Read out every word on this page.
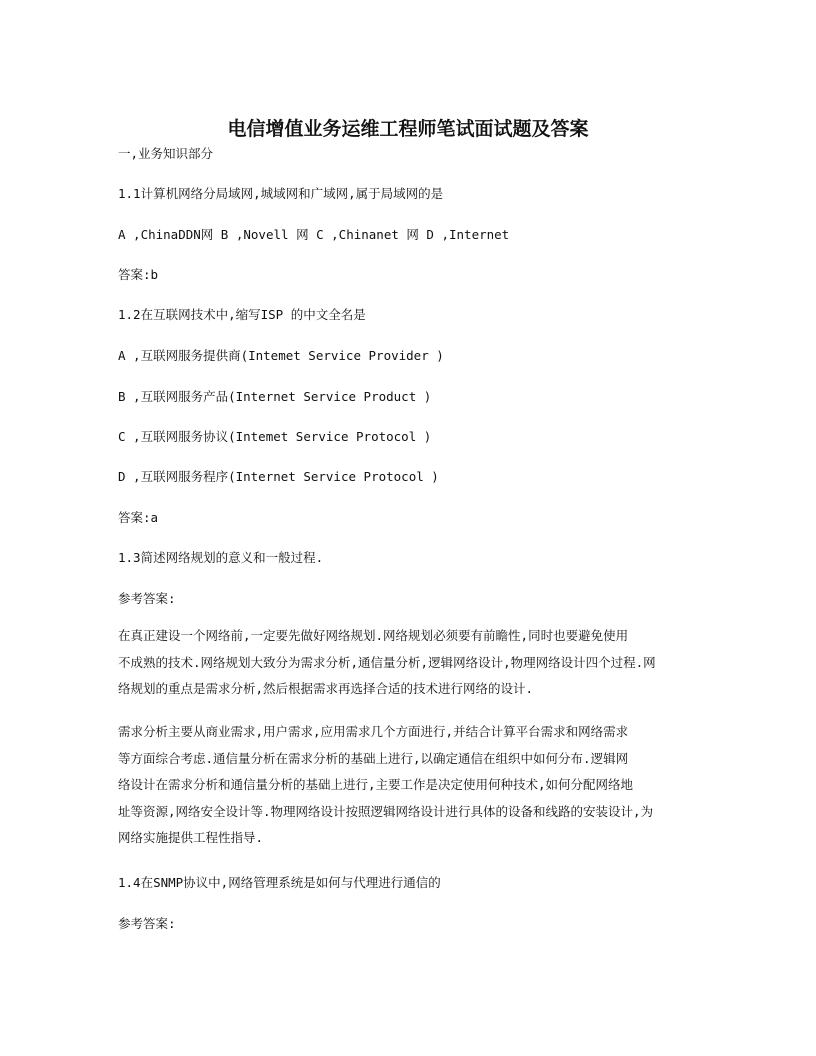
电信增值业务运维工程师笔试面试题及答案

一,业务知识部分

1.1计算机网络分局域网,城域网和广域网,属于局域网的是

A ,ChinaDDN网 B ,Novell 网 C ,Chinanet 网 D ,Internet

答案:b

1.2在互联网技术中,缩写ISP 的中文全名是

A ,互联网服务提供商(Intemet Service Provider )

B ,互联网服务产品(Internet Service Product )

C ,互联网服务协议(Intemet Service Protocol )

D ,互联网服务程序(Internet Service Protocol )

答案:a

1.3简述网络规划的意义和一般过程.

参考答案:

在真正建设一个网络前,一定要先做好网络规划.网络规划必须要有前瞻性,同时也要避免使用
不成熟的技术.网络规划大致分为需求分析,通信量分析,逻辑网络设计,物理网络设计四个过程.网
络规划的重点是需求分析,然后根据需求再选择合适的技术进行网络的设计.
需求分析主要从商业需求,用户需求,应用需求几个方面进行,并结合计算平台需求和网络需求
等方面综合考虑.通信量分析在需求分析的基础上进行,以确定通信在组织中如何分布.逻辑网
络设计在需求分析和通信量分析的基础上进行,主要工作是决定使用何种技术,如何分配网络地
址等资源,网络安全设计等.物理网络设计按照逻辑网络设计进行具体的设备和线路的安装设计,为
网络实施提供工程性指导.

1.4在SNMP协议中,网络管理系统是如何与代理进行通信的

参考答案:
